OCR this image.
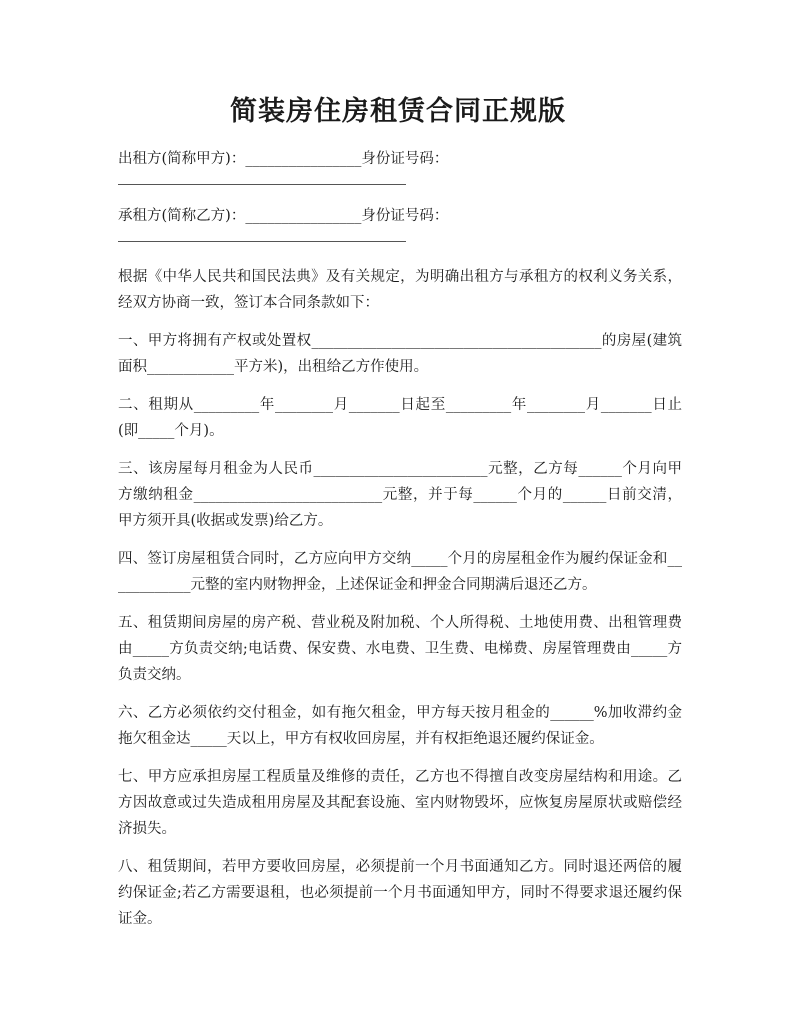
简装房住房租赁合同正规版
出租方(简称甲方)：________________身份证号码：
承租方(简称乙方)：________________身份证号码：

根据《中华人民共和国民法典》及有关规定，为明确出租方与承租方的权利义务关系，经双方协商一致，签订本合同条款如下：

一、甲方将拥有产权或处置权________________________________________的房屋(建筑面积____________平方米)，出租给乙方作使用。

二、租期从_________年________月_______日起至_________年________月_______日止(即_____个月)。

三、该房屋每月租金为人民币________________________元整，乙方每______个月向甲方缴纳租金__________________________元整，并于每______个月的______日前交清，甲方须开具(收据或发票)给乙方。

四、签订房屋租赁合同时，乙方应向甲方交纳_____个月的房屋租金作为履约保证金和____________元整的室内财物押金，上述保证金和押金合同期满后退还乙方。

五、租赁期间房屋的房产税、营业税及附加税、个人所得税、土地使用费、出租管理费由_____方负责交纳;电话费、保安费、水电费、卫生费、电梯费、房屋管理费由_____方负责交纳。

六、乙方必须依约交付租金，如有拖欠租金，甲方每天按月租金的______%加收滞约金拖欠租金达_____天以上，甲方有权收回房屋，并有权拒绝退还履约保证金。

七、甲方应承担房屋工程质量及维修的责任，乙方也不得擅自改变房屋结构和用途。乙方因故意或过失造成租用房屋及其配套设施、室内财物毁坏，应恢复房屋原状或赔偿经济损失。

八、租赁期间，若甲方要收回房屋，必须提前一个月书面通知乙方。同时退还两倍的履约保证金;若乙方需要退租，也必须提前一个月书面通知甲方，同时不得要求退还履约保证金。
